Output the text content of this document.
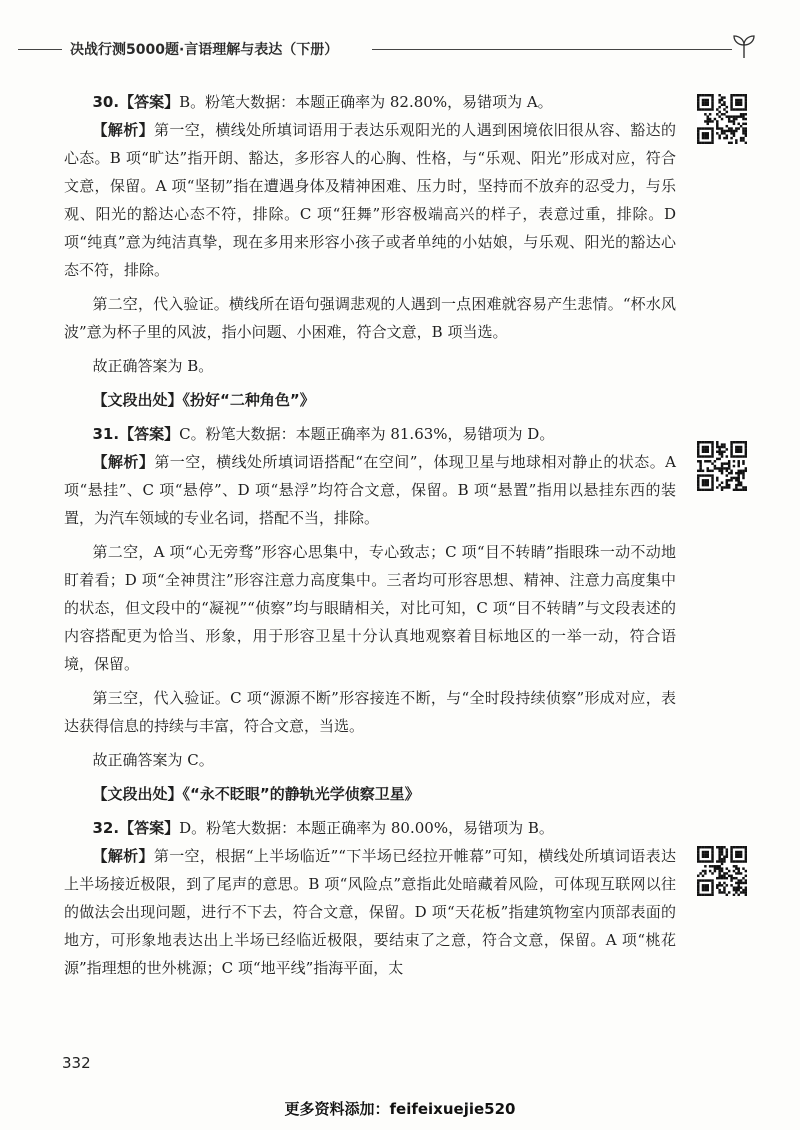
决战行测5000题·言语理解与表达（下册）

30.【答案】B。粉笔大数据：本题正确率为 82.80%，易错项为 A。

【解析】第一空，横线处所填词语用于表达乐观阳光的人遇到困境依旧很从容、豁达的心态。B 项“旷达”指开朗、豁达，多形容人的心胸、性格，与“乐观、阳光”形成对应，符合文意，保留。A 项“坚韧”指在遭遇身体及精神困难、压力时，坚持而不放弃的忍受力，与乐观、阳光的豁达心态不符，排除。C 项“狂舞”形容极端高兴的样子，表意过重，排除。D 项“纯真”意为纯洁真挚，现在多用来形容小孩子或者单纯的小姑娘，与乐观、阳光的豁达心态不符，排除。

第二空，代入验证。横线所在语句强调悲观的人遇到一点困难就容易产生悲情。“杯水风波”意为杯子里的风波，指小问题、小困难，符合文意，B 项当选。

故正确答案为 B。

【文段出处】《扮好“二种角色”》

31.【答案】C。粉笔大数据：本题正确率为 81.63%，易错项为 D。

【解析】第一空，横线处所填词语搭配“在空间”，体现卫星与地球相对静止的状态。A 项“悬挂”、C 项“悬停”、D 项“悬浮”均符合文意，保留。B 项“悬置”指用以悬挂东西的装置，为汽车领域的专业名词，搭配不当，排除。

第二空，A 项“心无旁骛”形容心思集中，专心致志；C 项“目不转睛”指眼珠一动不动地盯着看；D 项“全神贯注”形容注意力高度集中。三者均可形容思想、精神、注意力高度集中的状态，但文段中的“凝视”“侦察”均与眼睛相关，对比可知，C 项“目不转睛”与文段表述的内容搭配更为恰当、形象，用于形容卫星十分认真地观察着目标地区的一举一动，符合语境，保留。

第三空，代入验证。C 项“源源不断”形容接连不断，与“全时段持续侦察”形成对应，表达获得信息的持续与丰富，符合文意，当选。

故正确答案为 C。

【文段出处】《“永不眨眼”的静轨光学侦察卫星》

32.【答案】D。粉笔大数据：本题正确率为 80.00%，易错项为 B。

【解析】第一空，根据“上半场临近”“下半场已经拉开帷幕”可知，横线处所填词语表达上半场接近极限，到了尾声的意思。B 项“风险点”意指此处暗藏着风险，可体现互联网以往的做法会出现问题，进行不下去，符合文意，保留。D 项“天花板”指建筑物室内顶部表面的地方，可形象地表达出上半场已经临近极限，要结束了之意，符合文意，保留。A 项“桃花源”指理想的世外桃源；C 项“地平线”指海平面，太

332
更多资料添加：feifeixuejie520
